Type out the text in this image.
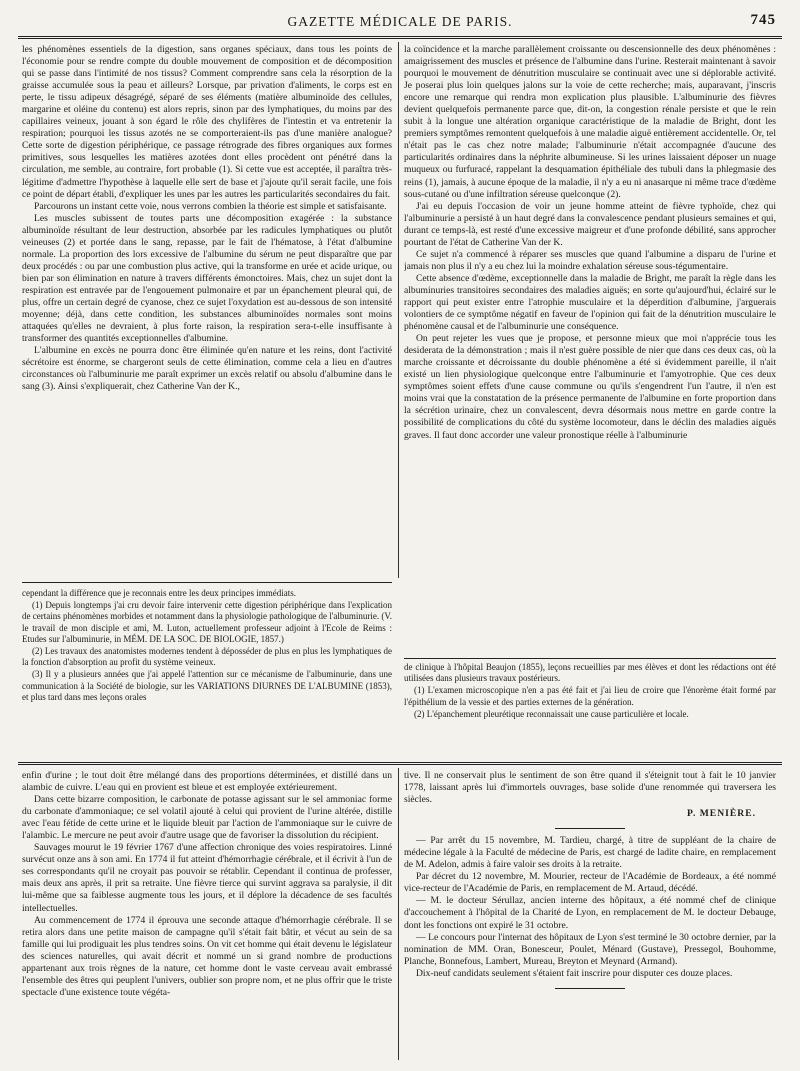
GAZETTE MÉDICALE DE PARIS.	745

les phénomènes essentiels de la digestion, sans organes spéciaux, dans tous les points de l'économie pour se rendre compte du double mouvement de composition et de décomposition qui se passe dans l'intimité de nos tissus? Comment comprendre sans cela la résorption de la graisse accumulée sous la peau et ailleurs? Lorsque, par privation d'aliments, le corps est en perte, le tissu adipeux désagrégé, séparé de ses éléments (matière albuminoïde des cellules, margarine et oléine du contenu) est alors repris, sinon par des lymphatiques, du moins par des capillaires veineux, jouant à son égard le rôle des chylifères de l'intestin et va entretenir la respiration; pourquoi les tissus azotés ne se comporteraient-ils pas d'une manière analogue? Cette sorte de digestion périphérique, ce passage rétrograde des fibres organiques aux formes primitives, sous lesquelles les matières azotées dont elles procèdent ont pénétré dans la circulation, me semble, au contraire, fort probable (1). Si cette vue est acceptée, il paraîtra très-légitime d'admettre l'hypothèse à laquelle elle sert de base et j'ajoute qu'il serait facile, une fois ce point de départ établi, d'expliquer les unes par les autres les particularités secondaires du fait.

Parcourons un instant cette voie, nous verrons combien la théorie est simple et satisfaisante.

Les muscles subissent de toutes parts une décomposition exagérée : la substance albuminoïde résultant de leur destruction, absorbée par les radicules lymphatiques ou plutôt veineuses (2) et portée dans le sang, repasse, par le fait de l'hématose, à l'état d'albumine normale. La proportion des lors excessive de l'albumine du sérum ne peut disparaître que par deux procédés : ou par une combustion plus active, qui la transforme en urée et acide urique, ou bien par son élimination en nature à travers différents émonctoires. Mais, chez un sujet dont la respiration est entravée par de l'engouement pulmonaire et par un épanchement pleural qui, de plus, offre un certain degré de cyanose, chez ce sujet l'oxydation est au-dessous de son intensité moyenne; déjà, dans cette condition, les substances albuminoïdes normales sont moins attaquées qu'elles ne devraient, à plus forte raison, la respiration sera-t-elle insuffisante à transformer des quantités exceptionnelles d'albumine.

L'albumine en excès ne pourra donc être éliminée qu'en nature et les reins, dont l'activité sécrétoire est énorme, se chargeront seuls de cette élimination, comme cela a lieu en d'autres circonstances où l'albuminurie me paraît exprimer un excès relatif ou absolu d'albumine dans le sang (3). Ainsi s'expliquerait, chez Catherine Van der K.,

la coïncidence et la marche parallèlement croissante ou descensionnelle des deux phénomènes : amaigrissement des muscles et présence de l'albumine dans l'urine. Resterait maintenant à savoir pourquoi le mouvement de dénutrition musculaire se continuait avec une si déplorable activité. Je poserai plus loin quelques jalons sur la voie de cette recherche; mais, auparavant, j'inscris encore une remarque qui rendra mon explication plus plausible. L'albuminurie des fièvres devient quelquefois permanente parce que, dit-on, la congestion rénale persiste et que le rein subit à la longue une altération organique caractéristique de la maladie de Bright, dont les premiers symptômes remontent quelquefois à une maladie aiguë entièrement accidentelle. Or, tel n'était pas le cas chez notre malade; l'albuminurie n'était accompagnée d'aucune des particularités ordinaires dans la néphrite albumineuse. Si les urines laissaient déposer un nuage muqueux ou furfuracé, rappelant la desquamation épithéliale des tubuli dans la phlegmasie des reins (1), jamais, à aucune époque de la maladie, il n'y a eu ni anasarque ni même trace d'œdème sous-cutané ou d'une infiltration séreuse quelconque (2).

J'ai eu depuis l'occasion de voir un jeune homme atteint de fièvre typhoïde, chez qui l'albuminurie a persisté à un haut degré dans la convalescence pendant plusieurs semaines et qui, durant ce temps-là, est resté d'une excessive maigreur et d'une profonde débilité, sans approcher pourtant de l'état de Catherine Van der K.

Ce sujet n'a commencé à réparer ses muscles que quand l'albumine a disparu de l'urine et jamais non plus il n'y a eu chez lui la moindre exhalation séreuse sous-tégumentaire.

Cette absence d'œdème, exceptionnelle dans la maladie de Bright, me paraît la règle dans les albuminuries transitoires secondaires des maladies aiguës; en sorte qu'aujourd'hui, éclairé sur le rapport qui peut exister entre l'atrophie musculaire et la déperdition d'albumine, j'arguerais volontiers de ce symptôme négatif en faveur de l'opinion qui fait de la dénutrition musculaire le phénomène causal et de l'albuminurie une conséquence.

On peut rejeter les vues que je propose, et personne mieux que moi n'apprécie tous les desiderata de la démonstration ; mais il n'est guère possible de nier que dans ces deux cas, où la marche croissante et décroissante du double phénomène a été si évidemment pareille, il n'ait existé un lien physiologique quelconque entre l'albuminurie et l'amyotrophie. Que ces deux symptômes soient effets d'une cause commune ou qu'ils s'engendrent l'un l'autre, il n'en est moins vrai que la constatation de la présence permanente de l'albumine en forte proportion dans la sécrétion urinaire, chez un convalescent, devra désormais nous mettre en garde contre la possibilité de complications du côté du système locomoteur, dans le déclin des maladies aiguës graves. Il faut donc accorder une valeur pronostique réelle à l'albuminurie

cependant la différence que je reconnais entre les deux principes immédiats.

(1) Depuis longtemps j'ai cru devoir faire intervenir cette digestion périphérique dans l'explication de certains phénomènes morbides et notamment dans la physiologie pathologique de l'albuminurie. (V. le travail de mon disciple et ami, M. Luton, actuellement professeur adjoint à l'Ecole de Reims : Etudes sur l'albuminurie, in MÉM. DE LA SOC. DE BIOLOGIE, 1857.)

(2) Les travaux des anatomistes modernes tendent à déposséder de plus en plus les lymphatiques de la fonction d'absorption au profit du système veineux.

(3) Il y a plusieurs années que j'ai appelé l'attention sur ce mécanisme de l'albuminurie, dans une communication à la Société de biologie, sur les VARIATIONS DIURNES DE L'ALBUMINE (1853), et plus tard dans mes leçons orales

de clinique à l'hôpital Beaujon (1855), leçons recueillies par mes élèves et dont les rédactions ont été utilisées dans plusieurs travaux postérieurs.

(1) L'examen microscopique n'en a pas été fait et j'ai lieu de croire que l'énorème était formé par l'épithélium de la vessie et des parties externes de la génération.

(2) L'épanchement pleurétique reconnaissait une cause particulière et locale.

enfin d'urine ; le tout doit être mélangé dans des proportions déterminées, et distillé dans un alambic de cuivre. L'eau qui en provient est bleue et est employée extérieurement.

Dans cette bizarre composition, le carbonate de potasse agissant sur le sel ammoniac forme du carbonate d'ammoniaque; ce sel volatil ajouté à celui qui provient de l'urine altérée, distille avec l'eau fétide de cette urine et le liquide bleuit par l'action de l'ammoniaque sur le cuivre de l'alambic. Le mercure ne peut avoir d'autre usage que de favoriser la dissolution du récipient.

Sauvages mourut le 19 février 1767 d'une affection chronique des voies respiratoires. Linné survécut onze ans à son ami. En 1774 il fut atteint d'hémorrhagie cérébrale, et il écrivit à l'un de ses correspondants qu'il ne croyait pas pouvoir se rétablir. Cependant il continua de professer, mais deux ans après, il prit sa retraite. Une fièvre tierce qui survint aggrava sa paralysie, il dit lui-même que sa faiblesse augmente tous les jours, et il déplore la décadence de ses facultés intellectuelles.

Au commencement de 1774 il éprouva une seconde attaque d'hémorrhagie cérébrale. Il se retira alors dans une petite maison de campagne qu'il s'était fait bâtir, et vécut au sein de sa famille qui lui prodiguait les plus tendres soins. On vit cet homme qui était devenu le législateur des sciences naturelles, qui avait décrit et nommé un si grand nombre de productions appartenant aux trois règnes de la nature, cet homme dont le vaste cerveau avait embrassé l'ensemble des êtres qui peuplent l'univers, oublier son propre nom, et ne plus offrir que le triste spectacle d'une existence toute végéta-

tive. Il ne conservait plus le sentiment de son être quand il s'éteignit tout à fait le 10 janvier 1778, laissant après lui d'immortels ouvrages, base solide d'une renommée qui traversera les siècles.

P. MENIÈRE.

— Par arrêt du 15 novembre, M. Tardieu, chargé, à titre de suppléant de la chaire de médecine légale à la Faculté de médecine de Paris, est chargé de ladite chaire, en remplacement de M. Adelon, admis à faire valoir ses droits à la retraite.

Par décret du 12 novembre, M. Mourier, recteur de l'Académie de Bordeaux, a été nommé vice-recteur de l'Académie de Paris, en remplacement de M. Artaud, décédé.

— M. le docteur Sérullaz, ancien interne des hôpitaux, a été nommé chef de clinique d'accouchement à l'hôpital de la Charité de Lyon, en remplacement de M. le docteur Debauge, dont les fonctions ont expiré le 31 octobre.

— Le concours pour l'internat des hôpitaux de Lyon s'est terminé le 30 octobre dernier, par la nomination de MM. Oran, Bonesceur, Poulet, Ménard (Gustave), Pressegol, Bouhomme, Planche, Bonnefous, Lambert, Mureau, Breyton et Meynard (Armand).

Dix-neuf candidats seulement s'étaient fait inscrire pour disputer ces douze places.
